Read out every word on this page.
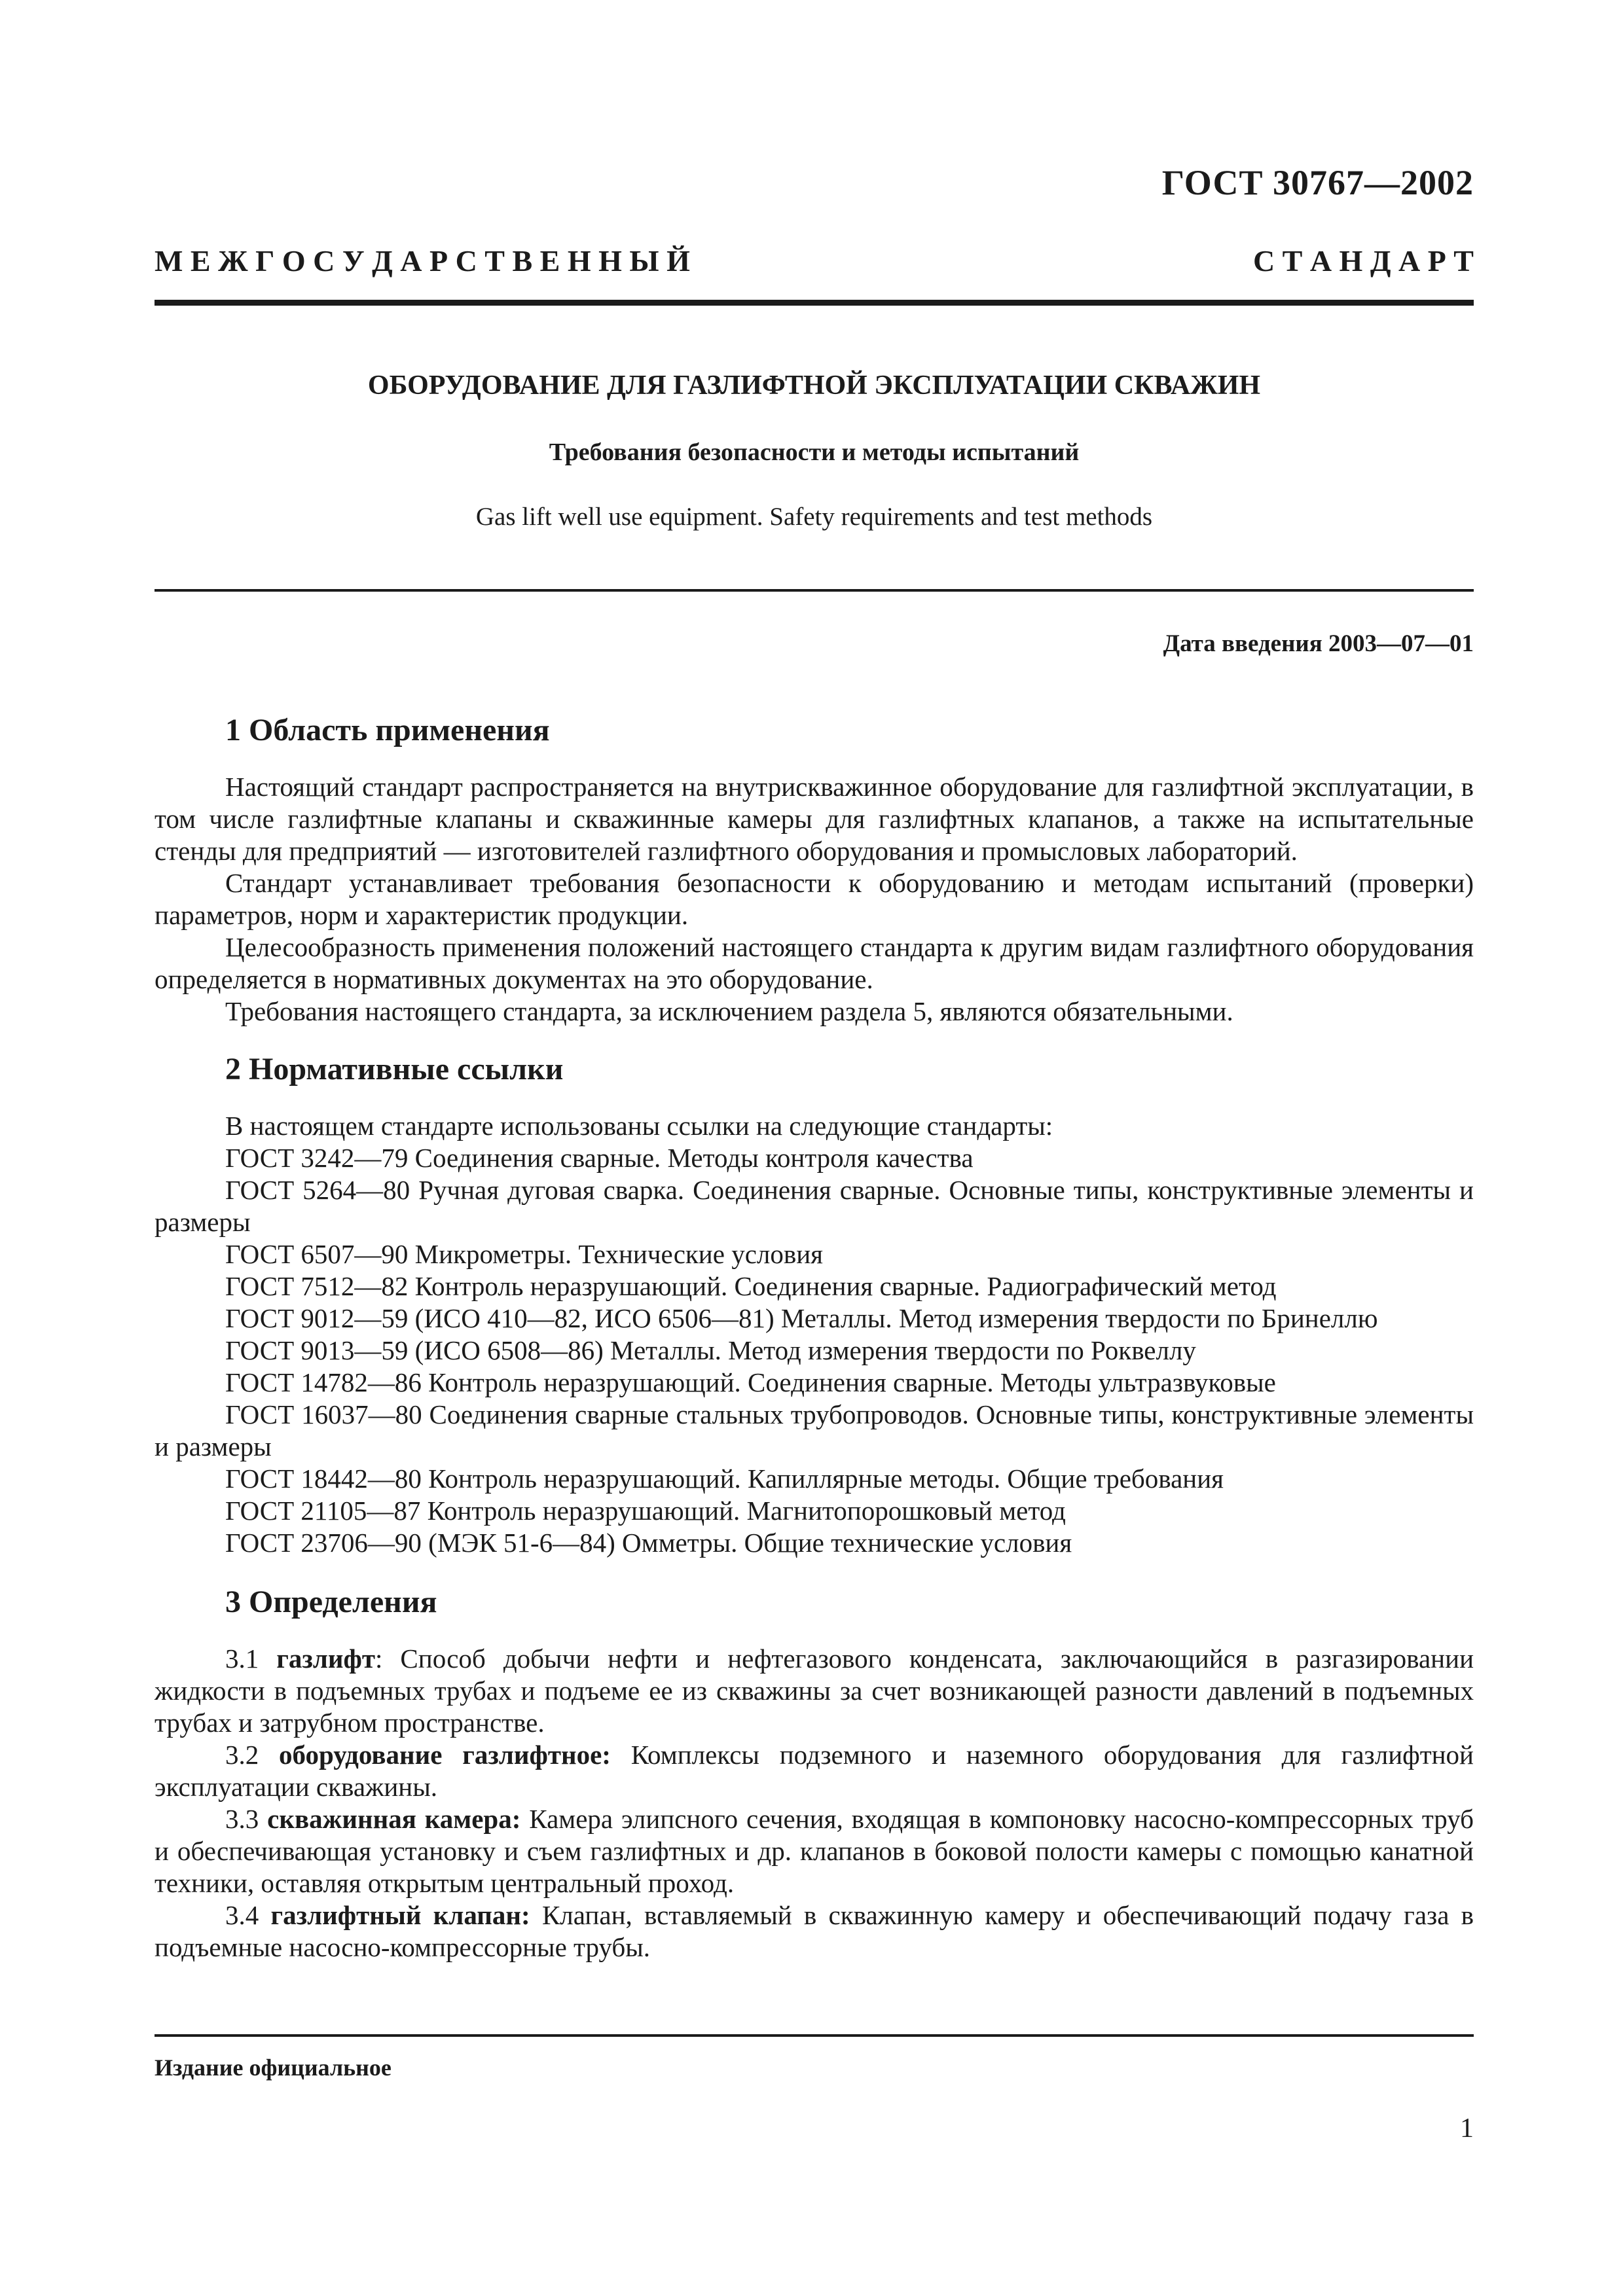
ГОСТ 30767—2002
М Е Ж Г О С У Д А Р С Т В Е Н Н Ы Й	С Т А Н Д А Р Т
ОБОРУДОВАНИЕ ДЛЯ ГАЗЛИФТНОЙ ЭКСПЛУАТАЦИИ СКВАЖИН
Требования безопасности и методы испытаний
Gas lift well use equipment. Safety requirements and test methods
Дата введения 2003—07—01
1 Область применения

Настоящий стандарт распространяется на внутрискважинное оборудование для газлифтной эксплуатации, в том числе газлифтные клапаны и скважинные камеры для газлифтных клапанов, а также на испытательные стенды для предприятий — изготовителей газлифтного оборудования и промысловых лабораторий.

Стандарт устанавливает требования безопасности к оборудованию и методам испытаний (проверки) параметров, норм и характеристик продукции.

Целесообразность применения положений настоящего стандарта к другим видам газлифтного оборудования определяется в нормативных документах на это оборудование.

Требования настоящего стандарта, за исключением раздела 5, являются обязательными.

2 Нормативные ссылки

В настоящем стандарте использованы ссылки на следующие стандарты:

ГОСТ 3242—79 Соединения сварные. Методы контроля качества

ГОСТ 5264—80 Ручная дуговая сварка. Соединения сварные. Основные типы, конструктивные элементы и размеры

ГОСТ 6507—90 Микрометры. Технические условия

ГОСТ 7512—82 Контроль неразрушающий. Соединения сварные. Радиографический метод

ГОСТ 9012—59 (ИСО 410—82, ИСО 6506—81) Металлы. Метод измерения твердости по Бринеллю

ГОСТ 9013—59 (ИСО 6508—86) Металлы. Метод измерения твердости по Роквеллу

ГОСТ 14782—86 Контроль неразрушающий. Соединения сварные. Методы ультразвуковые

ГОСТ 16037—80 Соединения сварные стальных трубопроводов. Основные типы, конструктивные элементы и размеры

ГОСТ 18442—80 Контроль неразрушающий. Капиллярные методы. Общие требования

ГОСТ 21105—87 Контроль неразрушающий. Магнитопорошковый метод

ГОСТ 23706—90 (МЭК 51-6—84) Омметры. Общие технические условия

3 Определения

3.1 газлифт: Способ добычи нефти и нефтегазового конденсата, заключающийся в разгазировании жидкости в подъемных трубах и подъеме ее из скважины за счет возникающей разности давлений в подъемных трубах и затрубном пространстве.

3.2 оборудование газлифтное: Комплексы подземного и наземного оборудования для газлифтной эксплуатации скважины.

3.3 скважинная камера: Камера элипсного сечения, входящая в компоновку насосно-компрессорных труб и обеспечивающая установку и съем газлифтных и др. клапанов в боковой полости камеры с помощью канатной техники, оставляя открытым центральный проход.

3.4 газлифтный клапан: Клапан, вставляемый в скважинную камеру и обеспечивающий подачу газа в подъемные насосно-компрессорные трубы.

Издание официальное
1
